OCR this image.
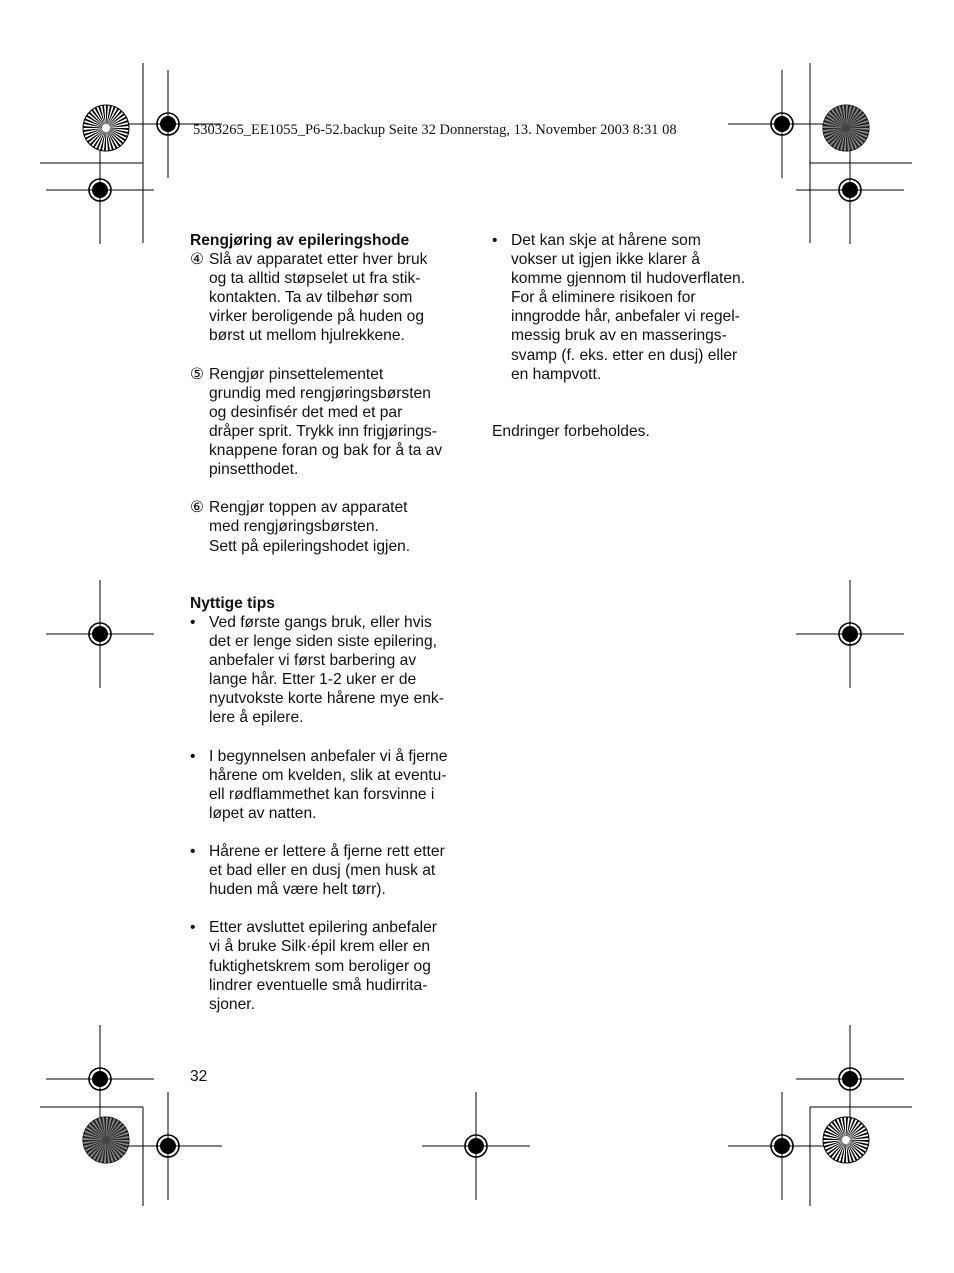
5303265_EE1055_P6-52.backup Seite 32 Donnerstag, 13. November 2003 8:31 08
Rengjøring av epileringshode
④ Slå av apparatet etter hver bruk
og ta alltid støpselet ut fra stik-
kontakten. Ta av tilbehør som
virker beroligende på huden og
børst ut mellom hjulrekkene.
⑤ Rengjør pinsettelementet
grundig med rengjøringsbørsten
og desinfisér det med et par
dråper sprit. Trykk inn frigjørings-
knappene foran og bak for å ta av
pinsetthodet.
⑥ Rengjør toppen av apparatet
med rengjøringsbørsten.
Sett på epileringshodet igjen.
Nyttige tips
• Ved første gangs bruk, eller hvis
det er lenge siden siste epilering,
anbefaler vi først barbering av
lange hår. Etter 1-2 uker er de
nyutvokste korte hårene mye enk-
lere å epilere.
• I begynnelsen anbefaler vi å fjerne
hårene om kvelden, slik at eventu-
ell rødflammethet kan forsvinne i
løpet av natten.
• Hårene er lettere å fjerne rett etter
et bad eller en dusj (men husk at
huden må være helt tørr).
• Etter avsluttet epilering anbefaler
vi å bruke Silk·épil krem eller en
fuktighetskrem som beroliger og
lindrer eventuelle små hudirrita-
sjoner.
• Det kan skje at hårene som
vokser ut igjen ikke klarer å
komme gjennom til hudoverflaten.
For å eliminere risikoen for
inngrodde hår, anbefaler vi regel-
messig bruk av en masserings-
svamp (f. eks. etter en dusj) eller
en hampvott.
Endringer forbeholdes.
32
